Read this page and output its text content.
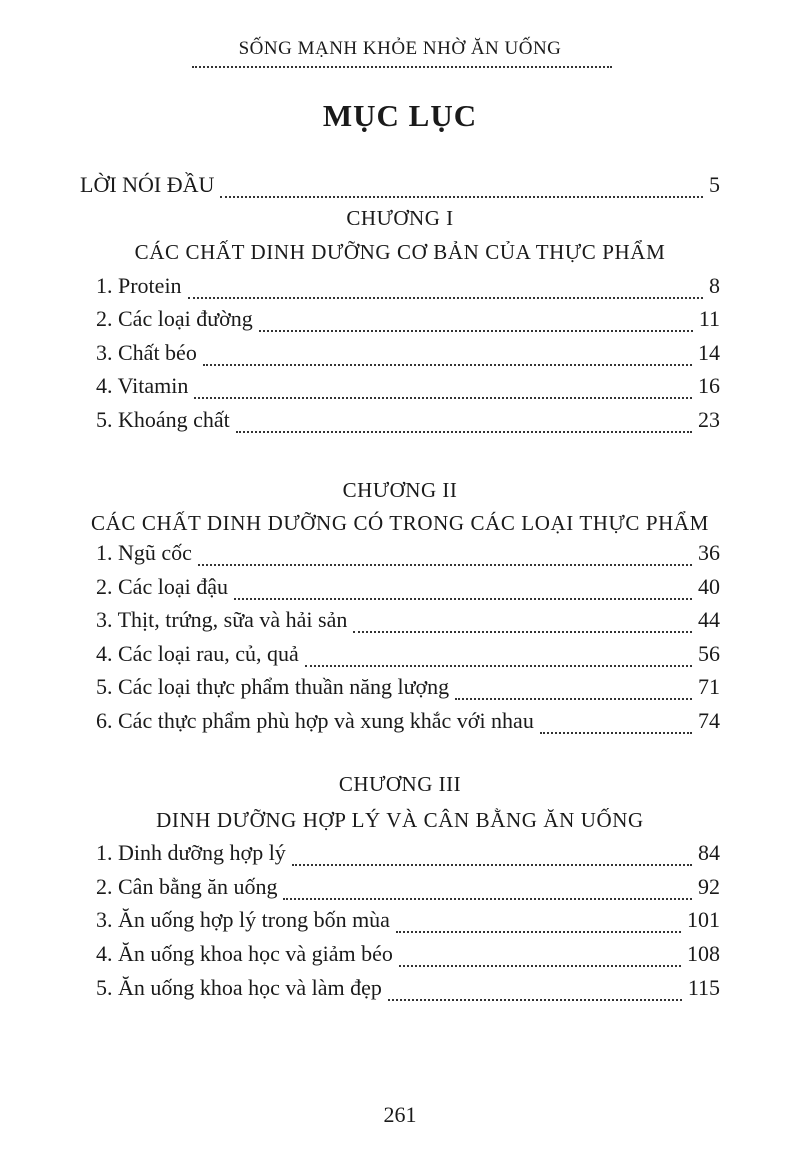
SỐNG MẠNH KHỎE NHỜ ĂN UỐNG
MỤC LỤC
LỜI NÓI ĐẦU	5
CHƯƠNG I
CÁC CHẤT DINH DƯỠNG CƠ BẢN CỦA THỰC PHẨM
1. Protein	8
2. Các loại đường	11
3. Chất béo	14
4. Vitamin	16
5. Khoáng chất	23
CHƯƠNG II
CÁC CHẤT DINH DƯỠNG CÓ TRONG CÁC LOẠI THỰC PHẨM
1. Ngũ cốc	36
2. Các loại đậu	40
3. Thịt, trứng, sữa và hải sản	44
4. Các loại rau, củ, quả	56
5. Các loại thực phẩm thuần năng lượng	71
6. Các thực phẩm phù hợp và xung khắc với nhau	74
CHƯƠNG III
DINH DƯỠNG HỢP LÝ VÀ CÂN BẰNG ĂN UỐNG
1. Dinh dưỡng hợp lý	84
2. Cân bằng ăn uống	92
3. Ăn uống hợp lý trong bốn mùa	101
4. Ăn uống khoa học và giảm béo	108
5. Ăn uống khoa học và làm đẹp	115
261
